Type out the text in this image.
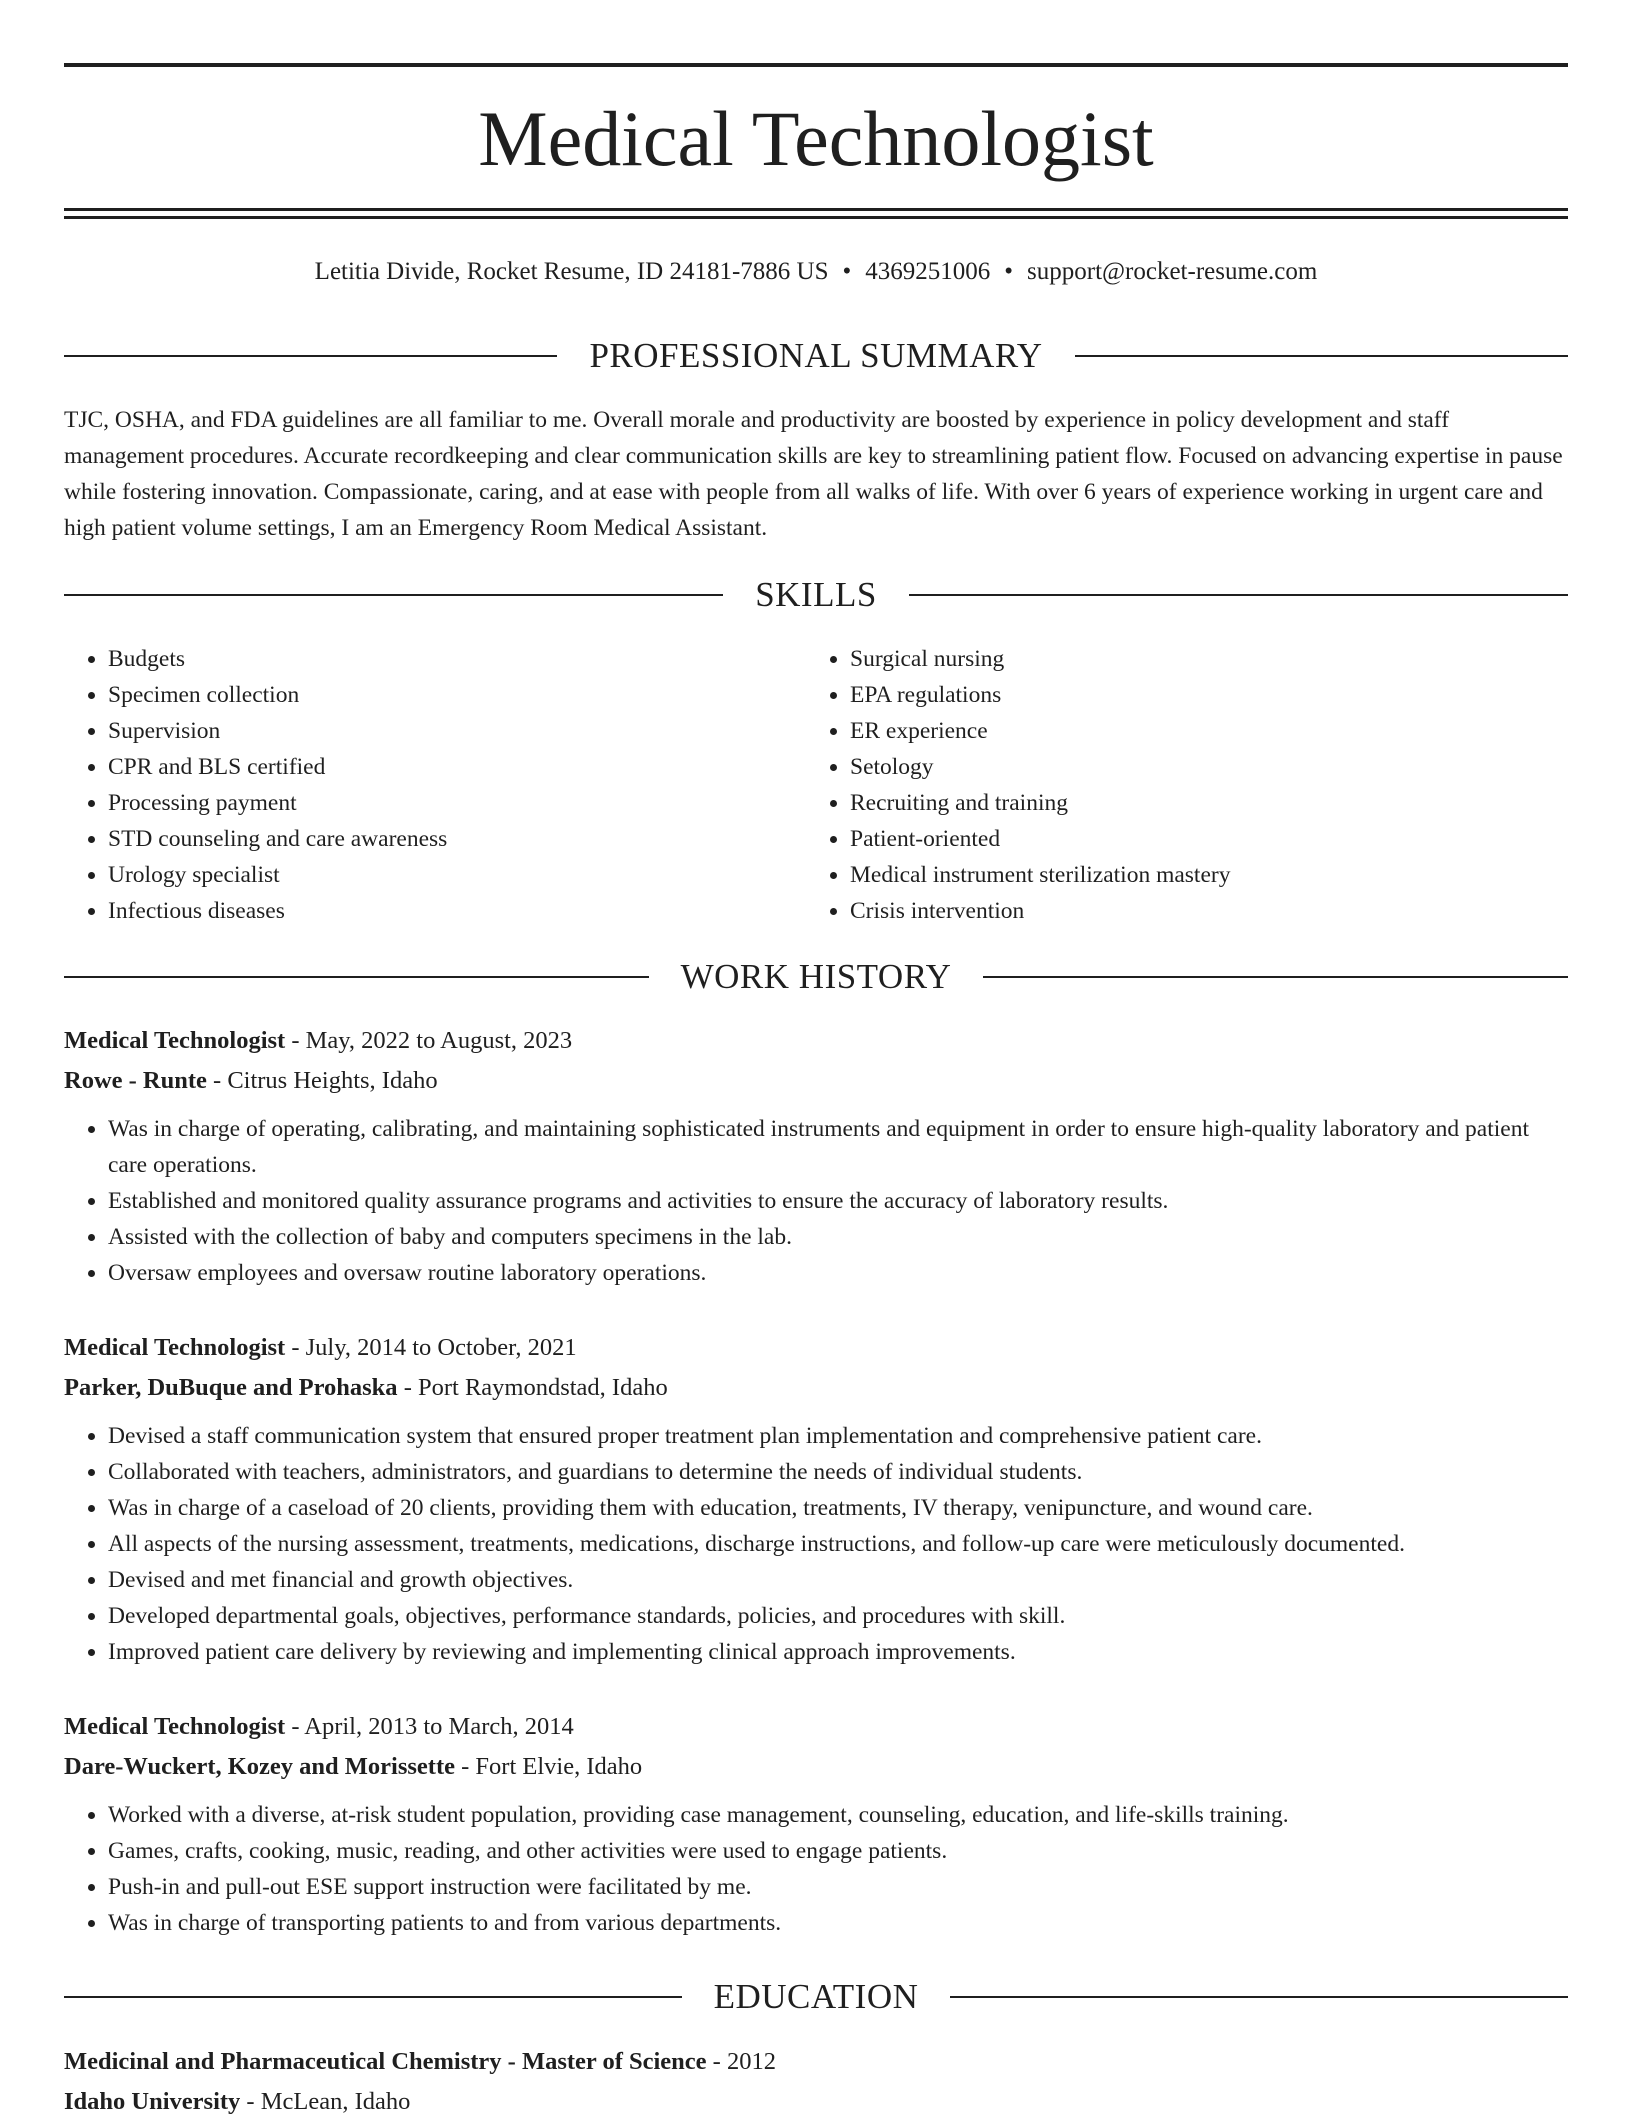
Medical Technologist
Letitia Divide, Rocket Resume, ID 24181-7886 US • 4369251006 • support@rocket-resume.com
PROFESSIONAL SUMMARY

TJC, OSHA, and FDA guidelines are all familiar to me. Overall morale and productivity are boosted by experience in policy development and staff management procedures. Accurate recordkeeping and clear communication skills are key to streamlining patient flow. Focused on advancing expertise in pause while fostering innovation. Compassionate, caring, and at ease with people from all walks of life. With over 6 years of experience working in urgent care and high patient volume settings, I am an Emergency Room Medical Assistant.

SKILLS
• Budgets
• Specimen collection
• Supervision
• CPR and BLS certified
• Processing payment
• STD counseling and care awareness
• Urology specialist
• Infectious diseases
• Surgical nursing
• EPA regulations
• ER experience
• Setology
• Recruiting and training
• Patient-oriented
• Medical instrument sterilization mastery
• Crisis intervention
WORK HISTORY

Medical Technologist - May, 2022 to August, 2023

Rowe - Runte - Citrus Heights, Idaho

• Was in charge of operating, calibrating, and maintaining sophisticated instruments and equipment in order to ensure high-quality laboratory and patient care operations.
• Established and monitored quality assurance programs and activities to ensure the accuracy of laboratory results.
• Assisted with the collection of baby and computers specimens in the lab.
• Oversaw employees and oversaw routine laboratory operations.

Medical Technologist - July, 2014 to October, 2021

Parker, DuBuque and Prohaska - Port Raymondstad, Idaho

• Devised a staff communication system that ensured proper treatment plan implementation and comprehensive patient care.
• Collaborated with teachers, administrators, and guardians to determine the needs of individual students.
• Was in charge of a caseload of 20 clients, providing them with education, treatments, IV therapy, venipuncture, and wound care.
• All aspects of the nursing assessment, treatments, medications, discharge instructions, and follow-up care were meticulously documented.
• Devised and met financial and growth objectives.
• Developed departmental goals, objectives, performance standards, policies, and procedures with skill.
• Improved patient care delivery by reviewing and implementing clinical approach improvements.

Medical Technologist - April, 2013 to March, 2014

Dare-Wuckert, Kozey and Morissette - Fort Elvie, Idaho

• Worked with a diverse, at-risk student population, providing case management, counseling, education, and life-skills training.
• Games, crafts, cooking, music, reading, and other activities were used to engage patients.
• Push-in and pull-out ESE support instruction were facilitated by me.
• Was in charge of transporting patients to and from various departments.
EDUCATION

Medicinal and Pharmaceutical Chemistry - Master of Science - 2012

Idaho University - McLean, Idaho
